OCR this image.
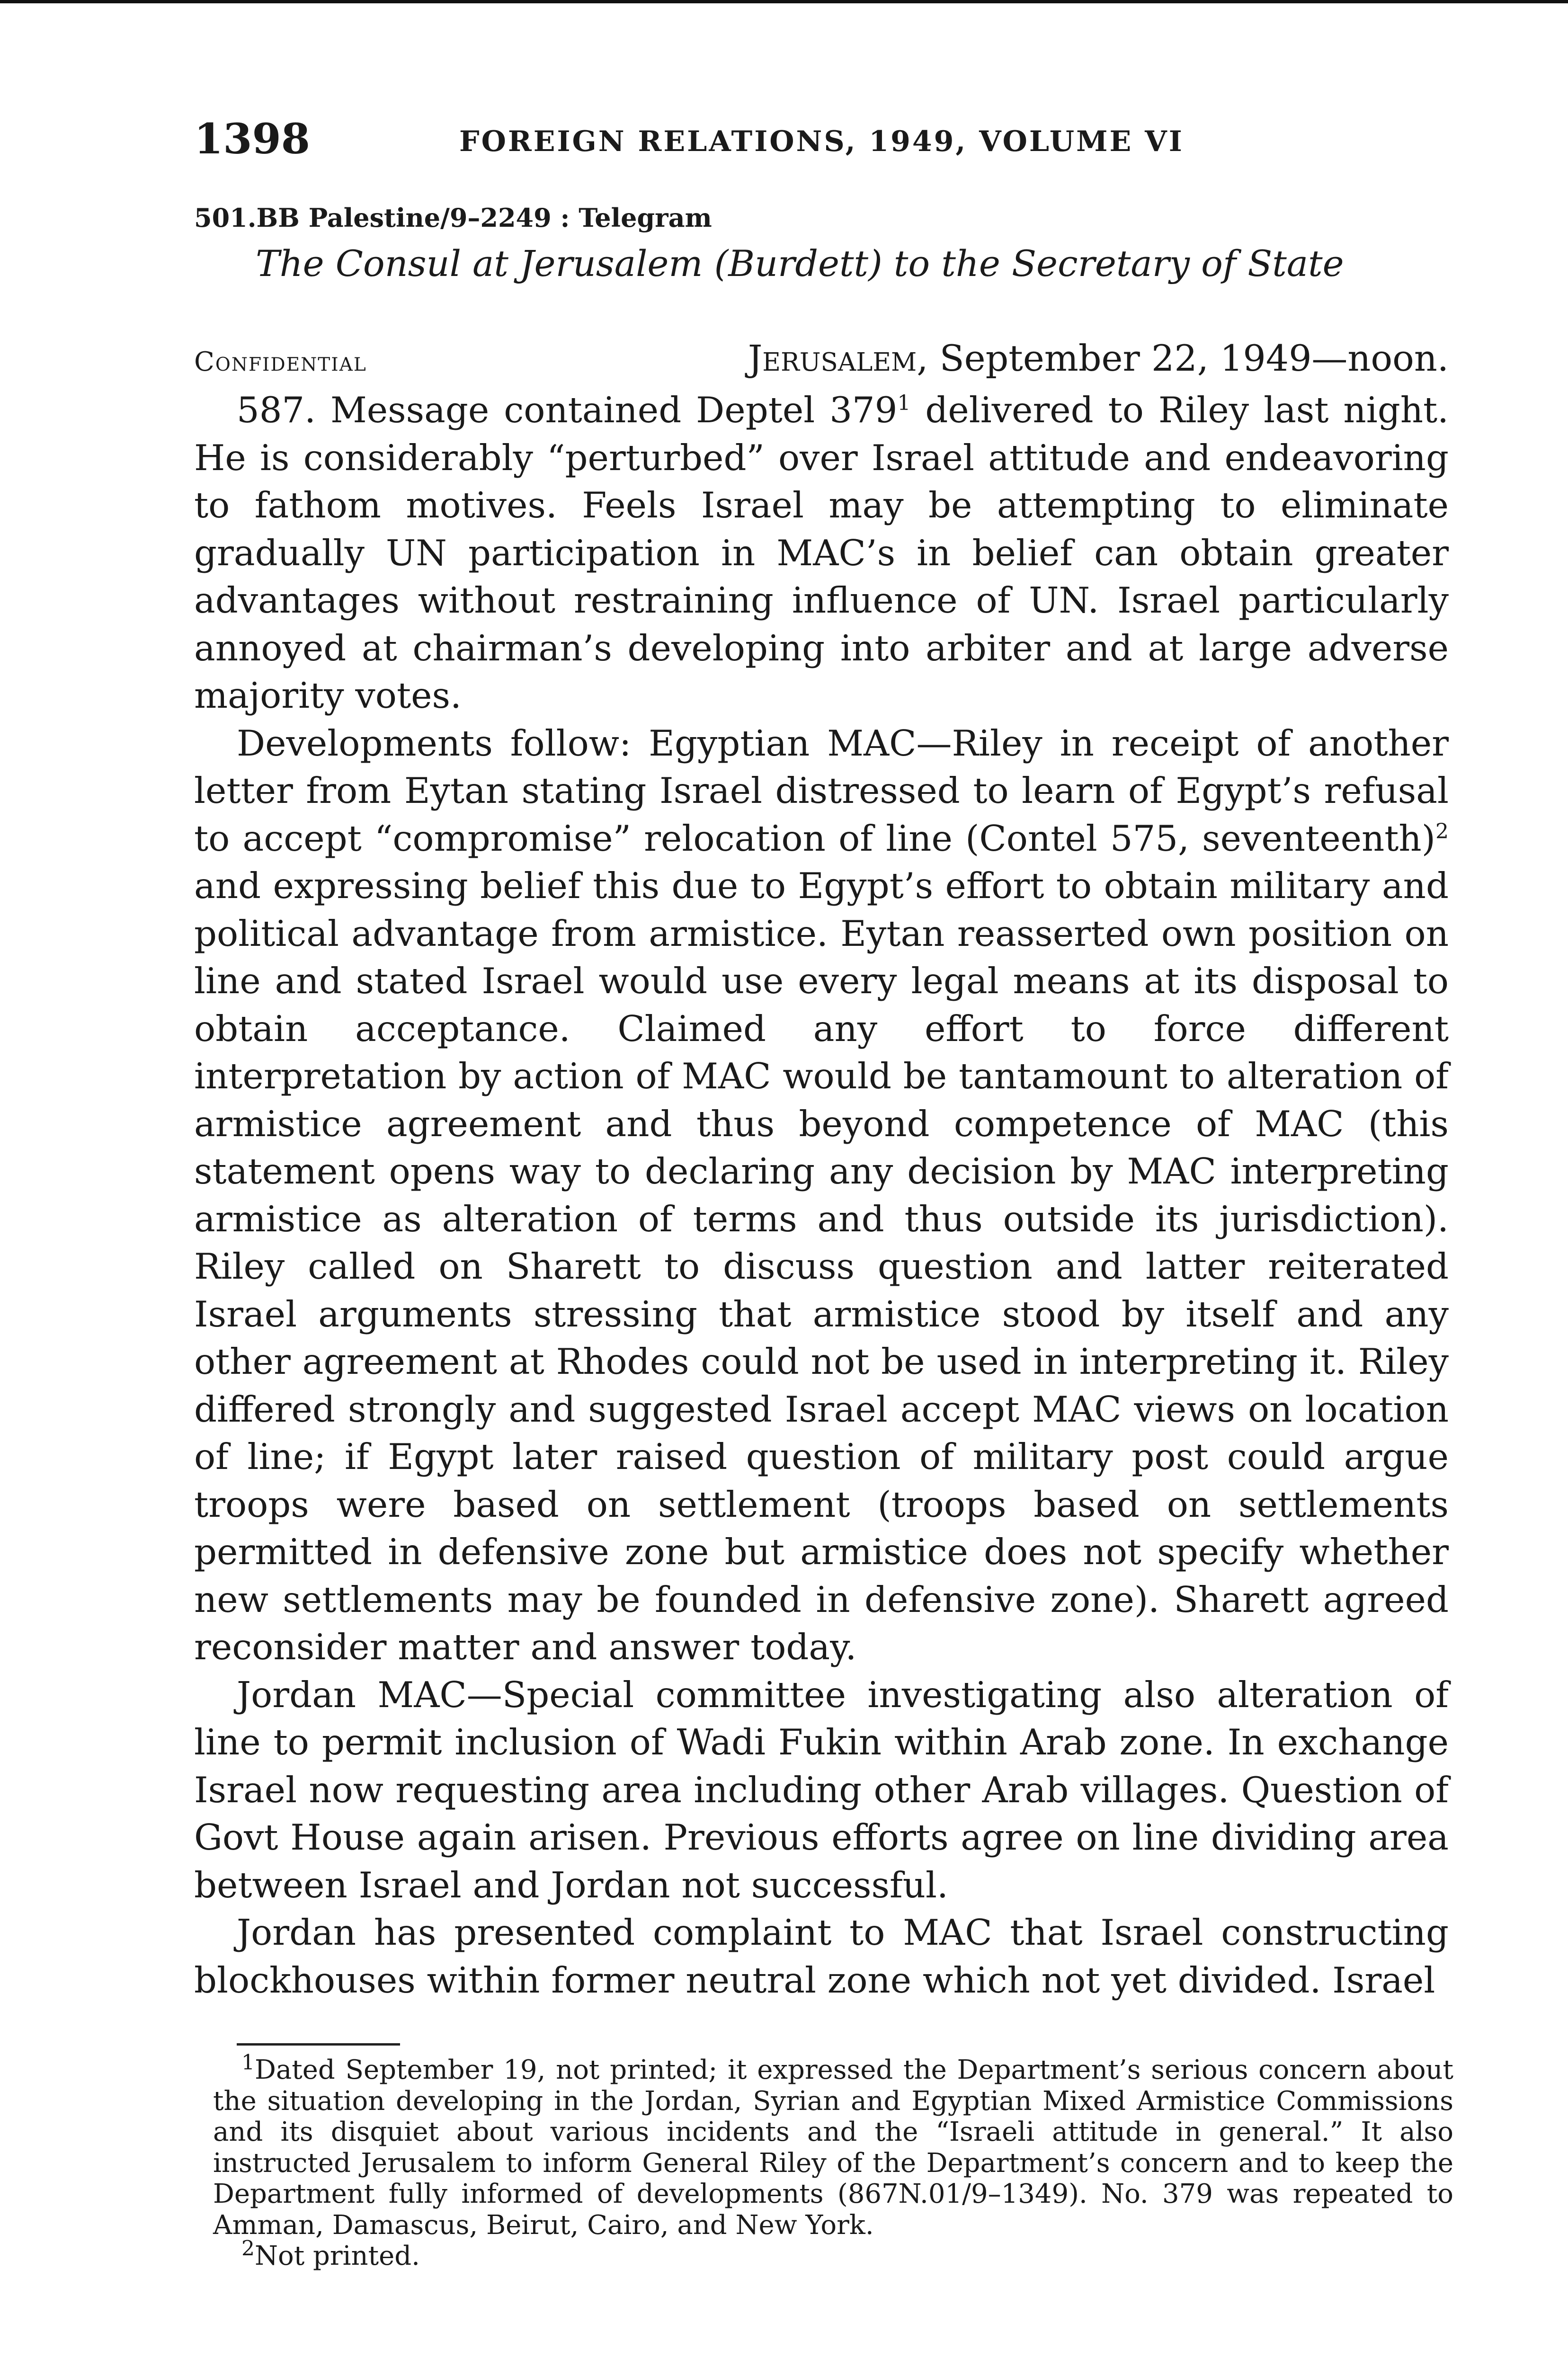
1398	FOREIGN RELATIONS, 1949, VOLUME VI
501.BB Palestine/9–2249 : Telegram
The Consul at Jerusalem (Burdett) to the Secretary of State
Confidential	Jerusalem, September 22, 1949—noon.

587. Message contained Deptel $379^1$ delivered to Riley last night. He is considerably “perturbed” over Israel attitude and endeavoring to fathom motives. Feels Israel may be attempting to eliminate gradually UN participation in MAC’s in belief can obtain greater advantages without restraining influence of UN. Israel particularly annoyed at chairman’s developing into arbiter and at large adverse majority votes.

Developments follow: Egyptian MAC—Riley in receipt of another letter from Eytan stating Israel distressed to learn of Egypt’s refusal to accept “compromise” relocation of line (Contel 575, seventeenth)$^2$ and expressing belief this due to Egypt’s effort to obtain military and political advantage from armistice. Eytan reasserted own position on line and stated Israel would use every legal means at its disposal to obtain acceptance. Claimed any effort to force different interpretation by action of MAC would be tantamount to alteration of armistice agreement and thus beyond competence of MAC (this statement opens way to declaring any decision by MAC interpreting armistice as alteration of terms and thus outside its jurisdiction). Riley called on Sharett to discuss question and latter reiterated Israel arguments stressing that armistice stood by itself and any other agreement at Rhodes could not be used in interpreting it. Riley differed strongly and suggested Israel accept MAC views on location of line; if Egypt later raised question of military post could argue troops were based on settlement (troops based on settlements permitted in defensive zone but armistice does not specify whether new settlements may be founded in defensive zone). Sharett agreed reconsider matter and answer today.

Jordan MAC—Special committee investigating also alteration of line to permit inclusion of Wadi Fukin within Arab zone. In exchange Israel now requesting area including other Arab villages. Question of Govt House again arisen. Previous efforts agree on line dividing area between Israel and Jordan not successful.

Jordan has presented complaint to MAC that Israel constructing blockhouses within former neutral zone which not yet divided. Israel

$^1$Dated September 19, not printed; it expressed the Department’s serious concern about the situation developing in the Jordan, Syrian and Egyptian Mixed Armistice Commissions and its disquiet about various incidents and the “Israeli attitude in general.” It also instructed Jerusalem to inform General Riley of the Department’s concern and to keep the Department fully informed of developments (867N.01/9–1349). No. 379 was repeated to Amman, Damascus, Beirut, Cairo, and New York.

$^2$Not printed.
